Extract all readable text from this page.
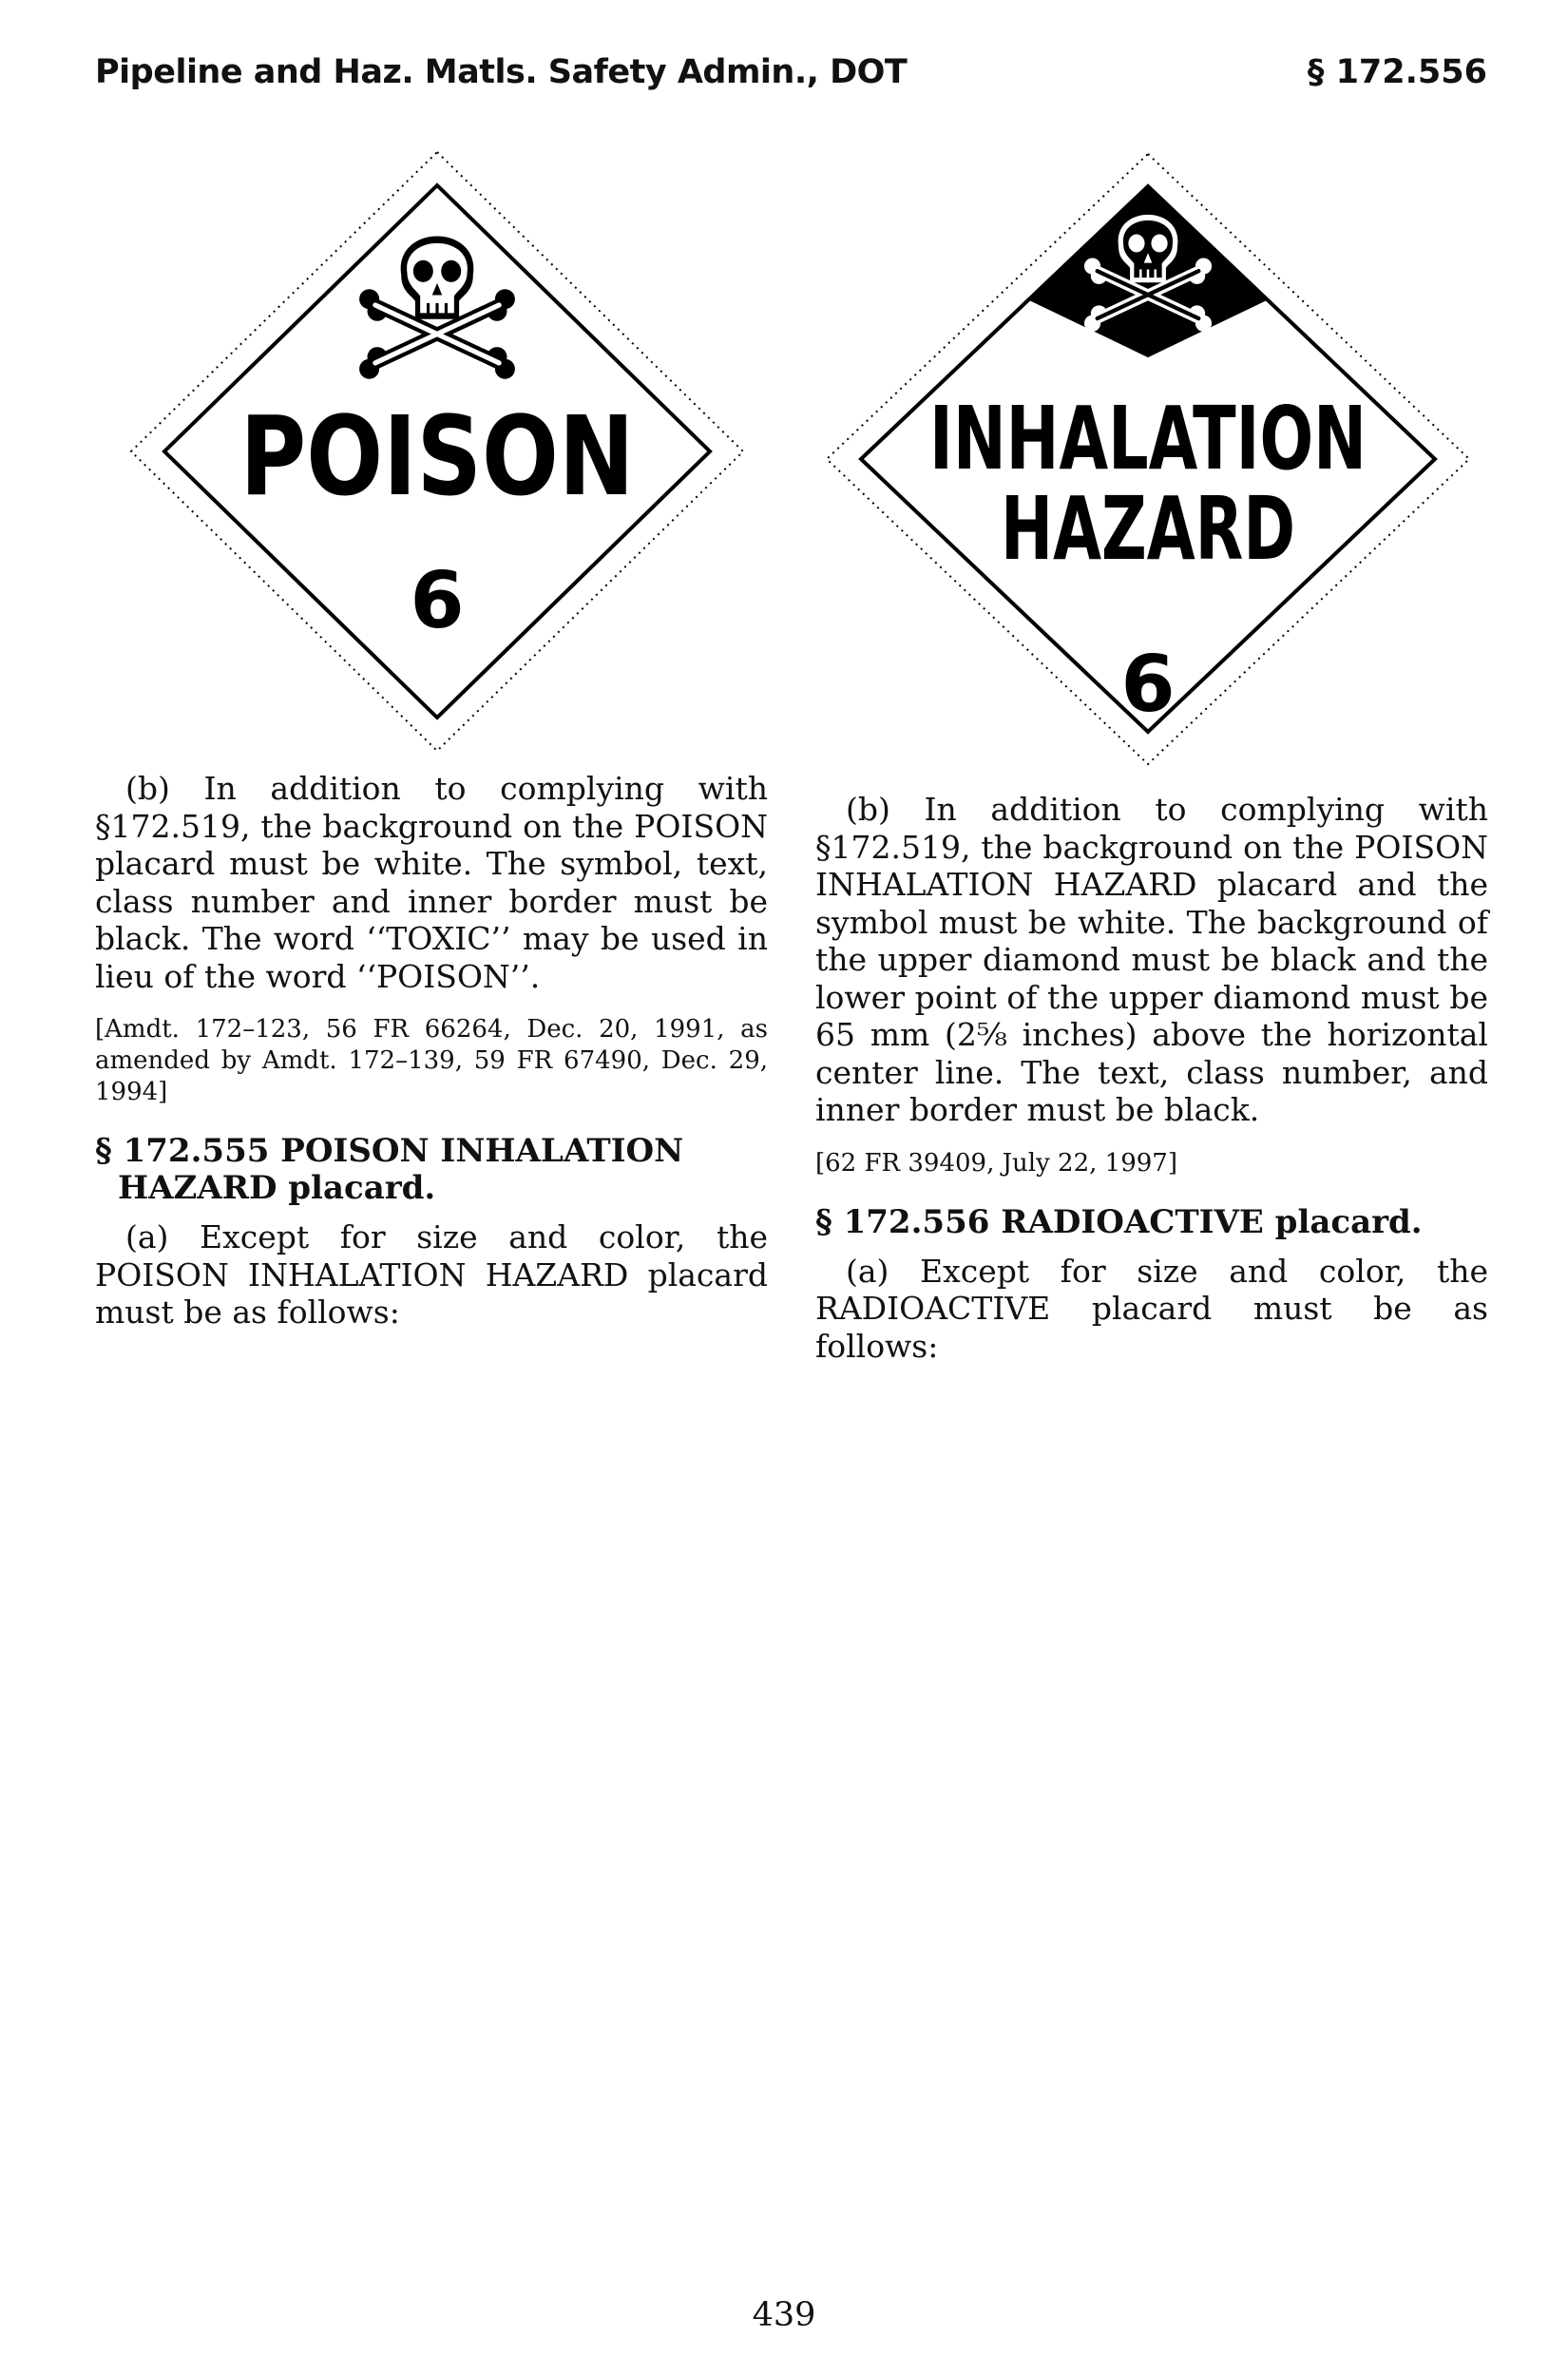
Pipeline and Haz. Matls. Safety Admin., DOT	§ 172.556
POISON
6
INHALATION
HAZARD
6

(b) In addition to complying with §172.519, the background on the POISON placard must be white. The symbol, text, class number and inner border must be black. The word ‘‘TOXIC’’ may be used in lieu of the word ‘‘POISON’’.

[Amdt. 172–123, 56 FR 66264, Dec. 20, 1991, as amended by Amdt. 172–139, 59 FR 67490, Dec. 29, 1994]

§ 172.555 POISON INHALATION HAZARD placard.

(a) Except for size and color, the POISON INHALATION HAZARD placard must be as follows:

(b) In addition to complying with §172.519, the background on the POISON INHALATION HAZARD placard and the symbol must be white. The background of the upper diamond must be black and the lower point of the upper diamond must be 65 mm (2⅝ inches) above the horizontal center line. The text, class number, and inner border must be black.

[62 FR 39409, July 22, 1997]

§ 172.556 RADIOACTIVE placard.

(a) Except for size and color, the RADIOACTIVE placard must be as follows:

439
